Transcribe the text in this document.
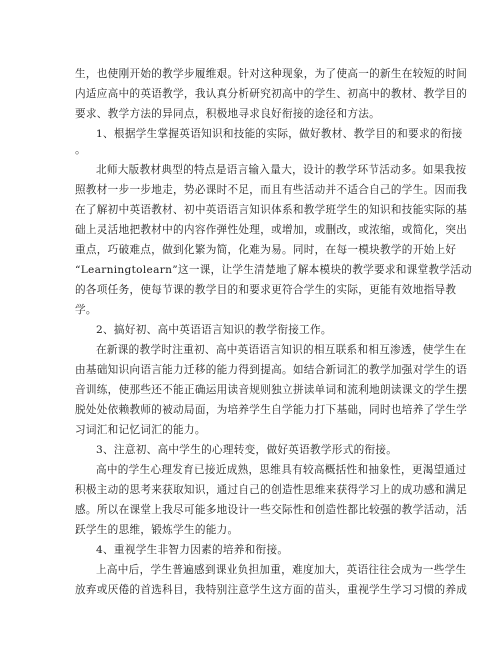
生，也使刚开始的教学步履维艰。针对这种现象，为了使高一的新生在较短的时间
内适应高中的英语教学，我认真分析研究初高中的学生、初高中的教材、教学目的
要求、教学方法的异同点，积极地寻求良好衔接的途径和方法。
1、根据学生掌握英语知识和技能的实际，做好教材、教学目的和要求的衔接
。
北师大版教材典型的特点是语言输入量大，设计的教学环节活动多。如果我按
照教材一步一步地走，势必课时不足，而且有些活动并不适合自己的学生。因而我
在了解初中英语教材、初中英语语言知识体系和教学班学生的知识和技能实际的基
础上灵活地把教材中的内容作弹性处理，或增加，或删改，或浓缩，或简化，突出
重点，巧破难点，做到化繁为简，化难为易。同时，在每一模块教学的开始上好
“Learningtolearn”这一课，让学生清楚地了解本模块的教学要求和课堂教学活动
的各项任务，使每节课的教学目的和要求更符合学生的实际，更能有效地指导教
学。
2、搞好初、高中英语语言知识的教学衔接工作。
在新课的教学时注重初、高中英语语言知识的相互联系和相互渗透，使学生在
由基础知识向语言能力迁移的能力得到提高。如结合新词汇的教学加强对学生的语
音训练，使那些还不能正确运用读音规则独立拼读单词和流利地朗读课文的学生摆
脱处处依赖教师的被动局面，为培养学生自学能力打下基础，同时也培养了学生学
习词汇和记忆词汇的能力。
3、注意初、高中学生的心理转变，做好英语教学形式的衔接。
高中的学生心理发育已接近成熟，思维具有较高概括性和抽象性，更渴望通过
积极主动的思考来获取知识，通过自己的创造性思维来获得学习上的成功感和满足
感。所以在课堂上我尽可能多地设计一些交际性和创造性都比较强的教学活动，活
跃学生的思维，锻炼学生的能力。
4、重视学生非智力因素的培养和衔接。
上高中后，学生普遍感到课业负担加重，难度加大，英语往往会成为一些学生
放弃或厌倦的首选科目，我特别注意学生这方面的苗头，重视学生学习习惯的养成
